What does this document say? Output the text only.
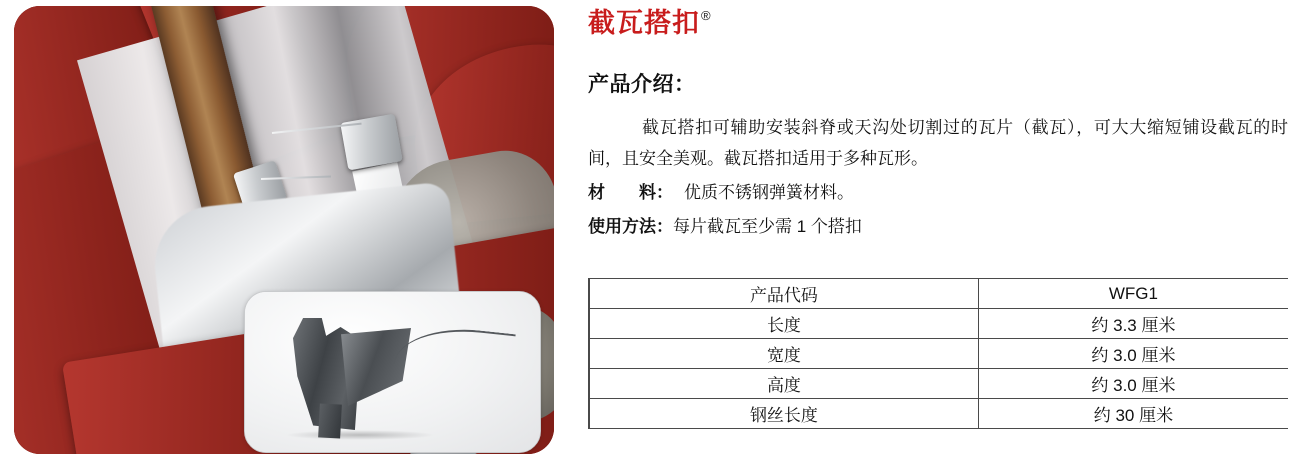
截瓦搭扣 ®
产品介绍：
截瓦搭扣可辅助安装斜脊或天沟处切割过的瓦片（截瓦），可大大缩短铺设截瓦的时间，且安全美观。截瓦搭扣适用于多种瓦形。
材　　料： 优质不锈钢弹簧材料。
使用方法：每片截瓦至少需 1 个搭扣
产品代码	WFG1
长度	约 3.3 厘米
宽度	约 3.0 厘米
高度	约 3.0 厘米
钢丝长度	约 30 厘米
